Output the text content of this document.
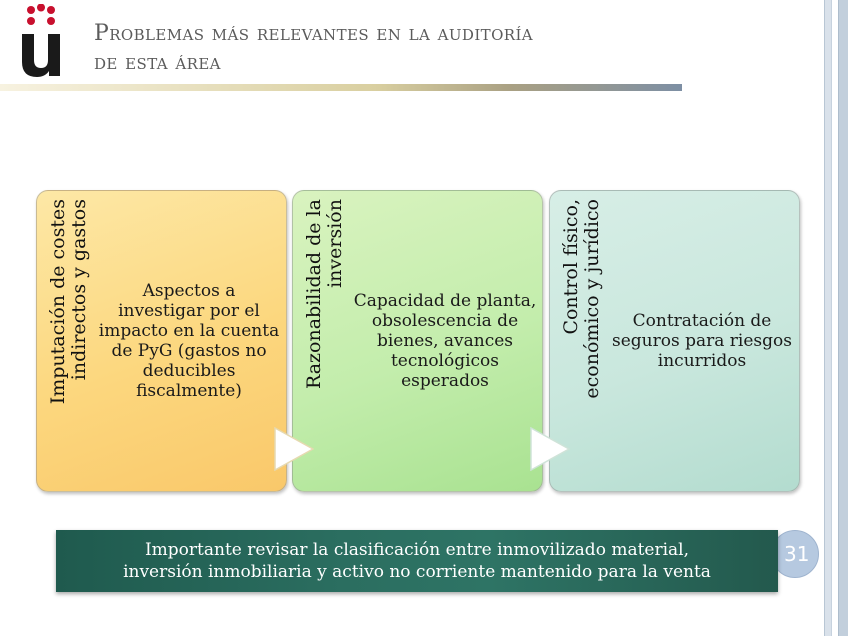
Problemas más relevantes en la auditoría
de esta área
Imputación de costes indirectos y gastos	Aspectos a investigar por el impacto en la cuenta de PyG (gastos no deducibles fiscalmente)
Razonabilidad de la inversión
Capacidad de planta, obsolescencia de bienes, avances tecnológicos esperados
Control físico, económico y jurídico	Contratación de seguros para riesgos incurridos
31
Importante revisar la clasificación entre inmovilizado material,
inversión inmobiliaria y activo no corriente mantenido para la venta
